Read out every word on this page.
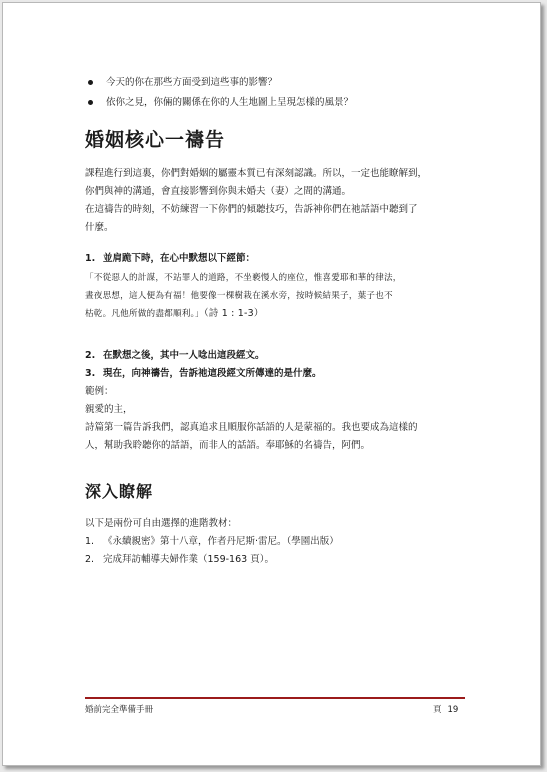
今天的你在那些方面受到這些事的影響？
依你之見，你倆的關係在你的人生地圖上呈現怎樣的風景？
婚姻核心一禱告

課程進行到這裏，你們對婚姻的屬靈本質已有深刻認識。所以，一定也能瞭解到，

你們與神的溝通，會直接影響到你與未婚夫（妻）之間的溝通。

在這禱告的時刻，不妨練習一下你們的傾聽技巧，告訴神你們在祂話語中聽到了

什麼。

1. 並肩跪下時，在心中默想以下經節：
「不從惡人的計謀，不站罪人的道路，不坐褻慢人的座位，惟喜愛耶和華的律法，
晝夜思想，這人便為有福！他要像一棵樹栽在溪水旁，按時候結果子，葉子也不
枯乾。凡他所做的盡都順利。」（詩 1 : 1-3）
2. 在默想之後，其中一人唸出這段經文。
3. 現在，向神禱告，告訴祂這段經文所傳達的是什麼。

範例：

親愛的主，

詩篇第一篇告訴我們，認真追求且順服你話語的人是蒙福的。我也要成為這樣的

人，幫助我聆聽你的話語，而非人的話語。奉耶穌的名禱告，阿們。

深入瞭解

以下是兩份可自由選擇的進階教材：

1. 《永續親密》第十八章，作者丹尼斯·雷尼。（學園出版）
2. 完成拜訪輔導夫婦作業（159-163 頁）。
婚前完全準備手冊	頁 19
